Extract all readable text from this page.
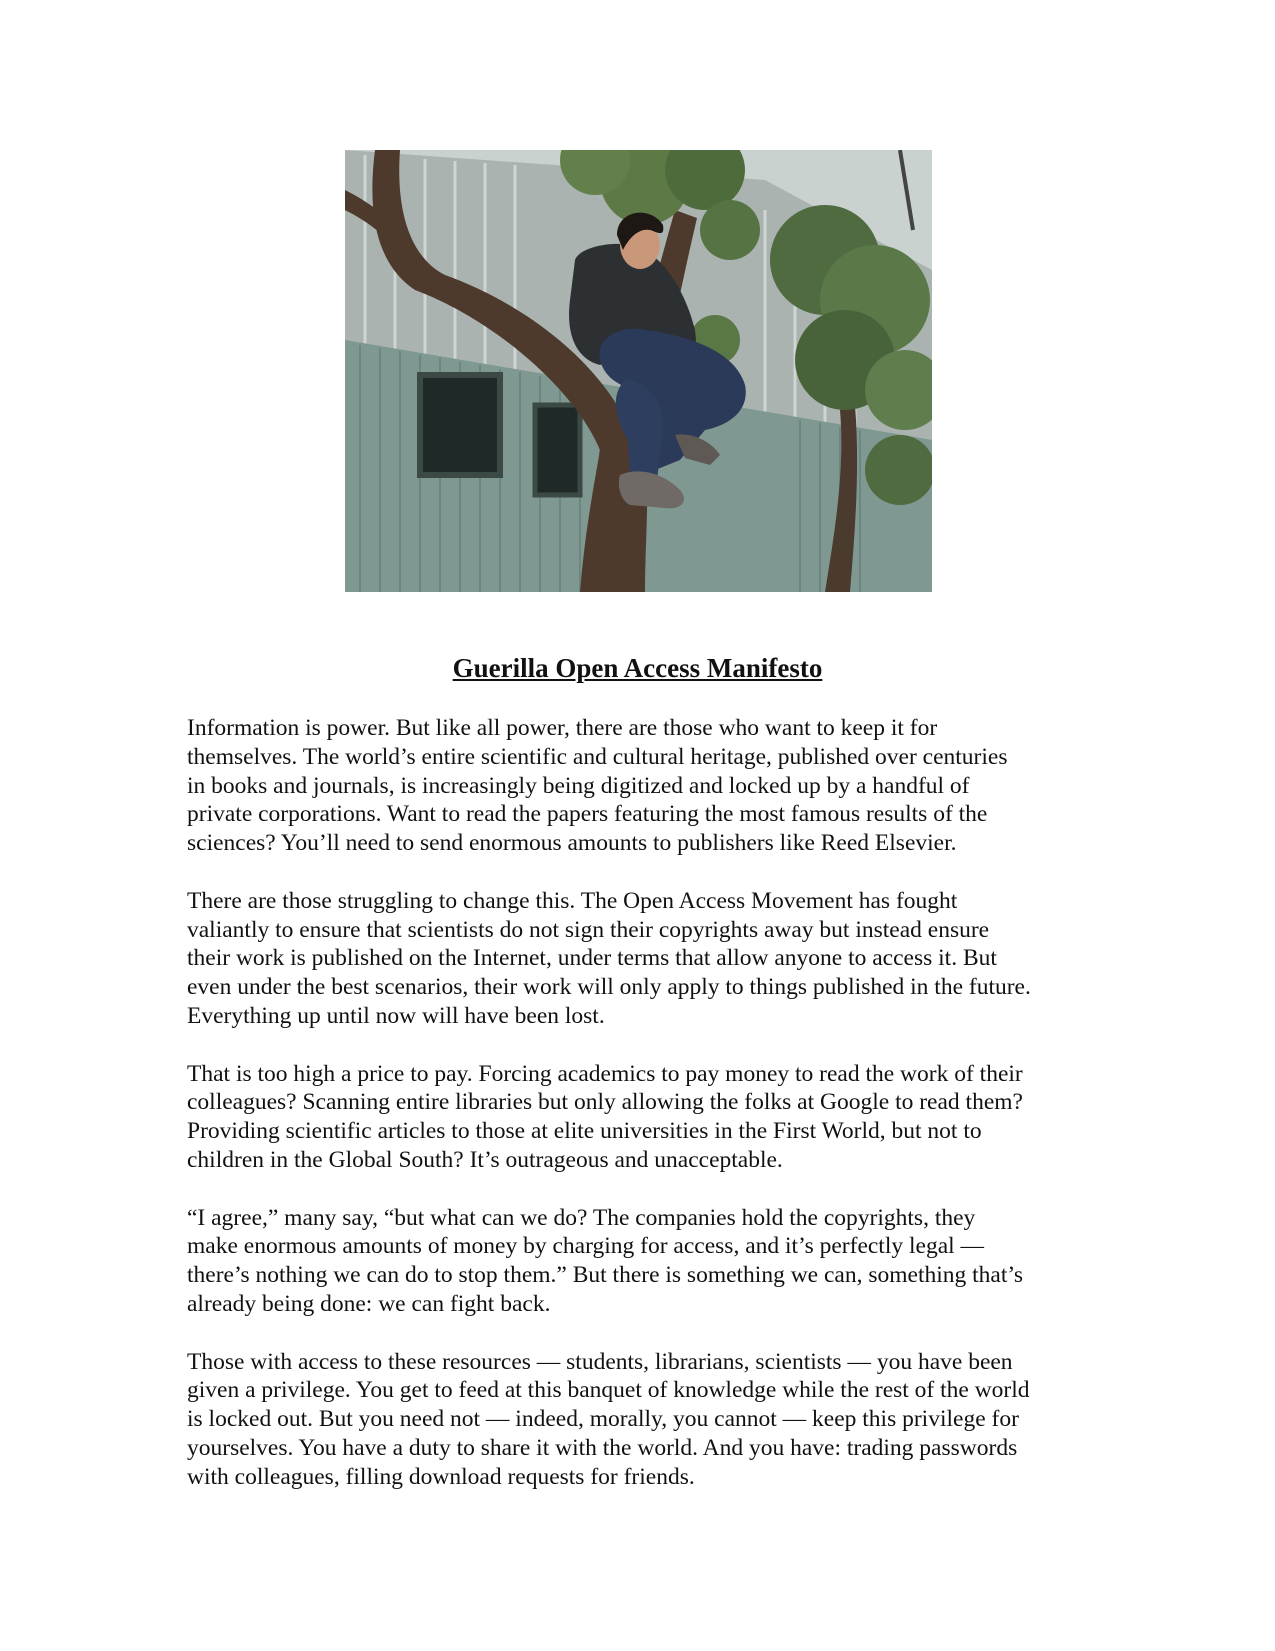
Guerilla Open Access Manifesto

Information is power. But like all power, there are those who want to keep it for
themselves. The world’s entire scientific and cultural heritage, published over centuries
in books and journals, is increasingly being digitized and locked up by a handful of
private corporations. Want to read the papers featuring the most famous results of the
sciences? You’ll need to send enormous amounts to publishers like Reed Elsevier.

There are those struggling to change this. The Open Access Movement has fought
valiantly to ensure that scientists do not sign their copyrights away but instead ensure
their work is published on the Internet, under terms that allow anyone to access it. But
even under the best scenarios, their work will only apply to things published in the future.
Everything up until now will have been lost.

That is too high a price to pay. Forcing academics to pay money to read the work of their
colleagues? Scanning entire libraries but only allowing the folks at Google to read them?
Providing scientific articles to those at elite universities in the First World, but not to
children in the Global South? It’s outrageous and unacceptable.

“I agree,” many say, “but what can we do? The companies hold the copyrights, they
make enormous amounts of money by charging for access, and it’s perfectly legal —
there’s nothing we can do to stop them.” But there is something we can, something that’s
already being done: we can fight back.

Those with access to these resources — students, librarians, scientists — you have been
given a privilege. You get to feed at this banquet of knowledge while the rest of the world
is locked out. But you need not — indeed, morally, you cannot — keep this privilege for
yourselves. You have a duty to share it with the world. And you have: trading passwords
with colleagues, filling download requests for friends.
